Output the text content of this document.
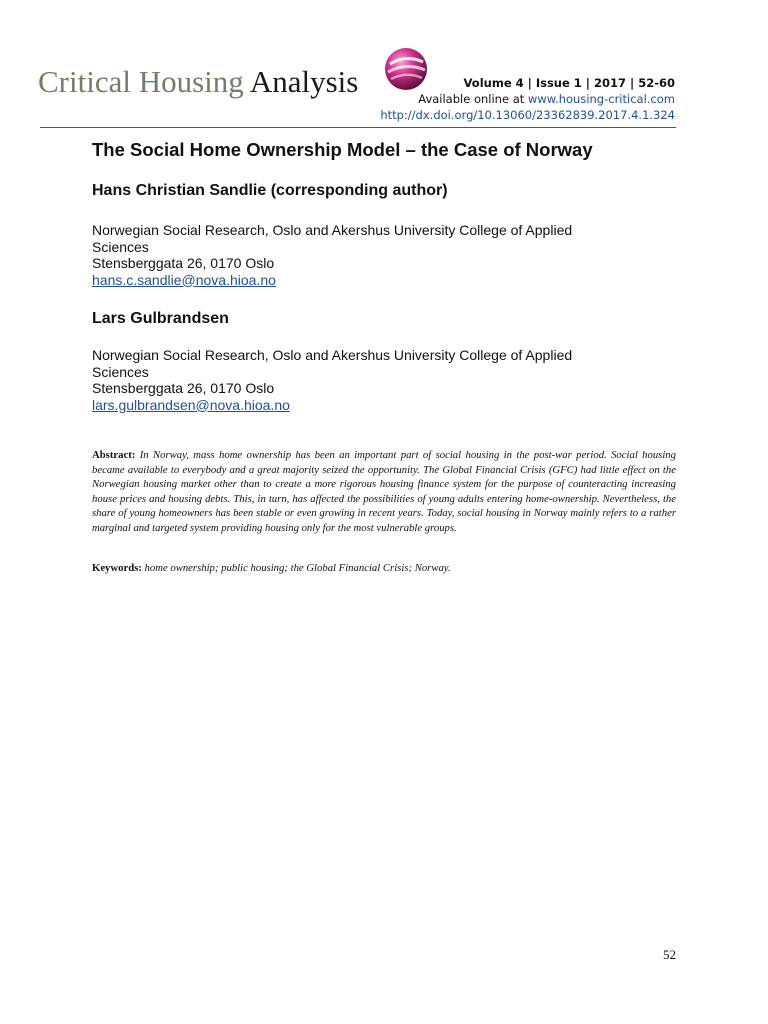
Critical Housing Analysis	Volume 4 | Issue 1 | 2017 | 52-60
Available online at www.housing-critical.com
http://dx.doi.org/10.13060/23362839.2017.4.1.324
The Social Home Ownership Model – the Case of Norway
Hans Christian Sandlie (corresponding author)
Norwegian Social Research, Oslo and Akershus University College of Applied
Sciences
Stensberggata 26, 0170 Oslo
hans.c.sandlie@nova.hioa.no
Lars Gulbrandsen
Norwegian Social Research, Oslo and Akershus University College of Applied
Sciences
Stensberggata 26, 0170 Oslo
lars.gulbrandsen@nova.hioa.no
Abstract: In Norway, mass home ownership has been an important part of social housing in the post-war period. Social housing became available to everybody and a great majority seized the opportunity. The Global Financial Crisis (GFC) had little effect on the Norwegian housing market other than to create a more rigorous housing finance system for the purpose of counteracting increasing house prices and housing debts. This, in turn, has affected the possibilities of young adults entering home-ownership. Nevertheless, the share of young homeowners has been stable or even growing in recent years. Today, social housing in Norway mainly refers to a rather marginal and targeted system providing housing only for the most vulnerable groups.
Keywords: home ownership; public housing; the Global Financial Crisis; Norway.
52
